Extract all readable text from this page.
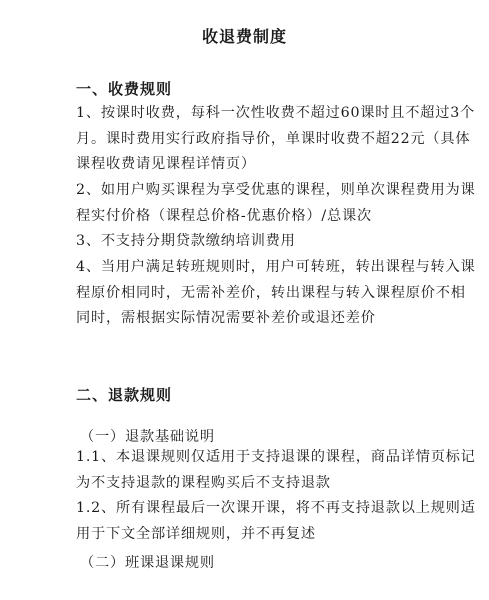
收退费制度
一、收费规则
1、按课时收费，每科一次性收费不超过60课时且不超过3个月。课时费用实行政府指导价，单课时收费不超22元（具体课程收费请见课程详情页）
2、如用户购买课程为享受优惠的课程，则单次课程费用为课程实付价格（课程总价格-优惠价格）/总课次
3、不支持分期贷款缴纳培训费用
4、当用户满足转班规则时，用户可转班，转出课程与转入课程原价相同时，无需补差价，转出课程与转入课程原价不相同时，需根据实际情况需要补差价或退还差价
二、退款规则
（一）退款基础说明
1.1、本退课规则仅适用于支持退课的课程，商品详情页标记为不支持退款的课程购买后不支持退款
1.2、所有课程最后一次课开课，将不再支持退款以上规则适用于下文全部详细规则，并不再复述
（二）班课退课规则
